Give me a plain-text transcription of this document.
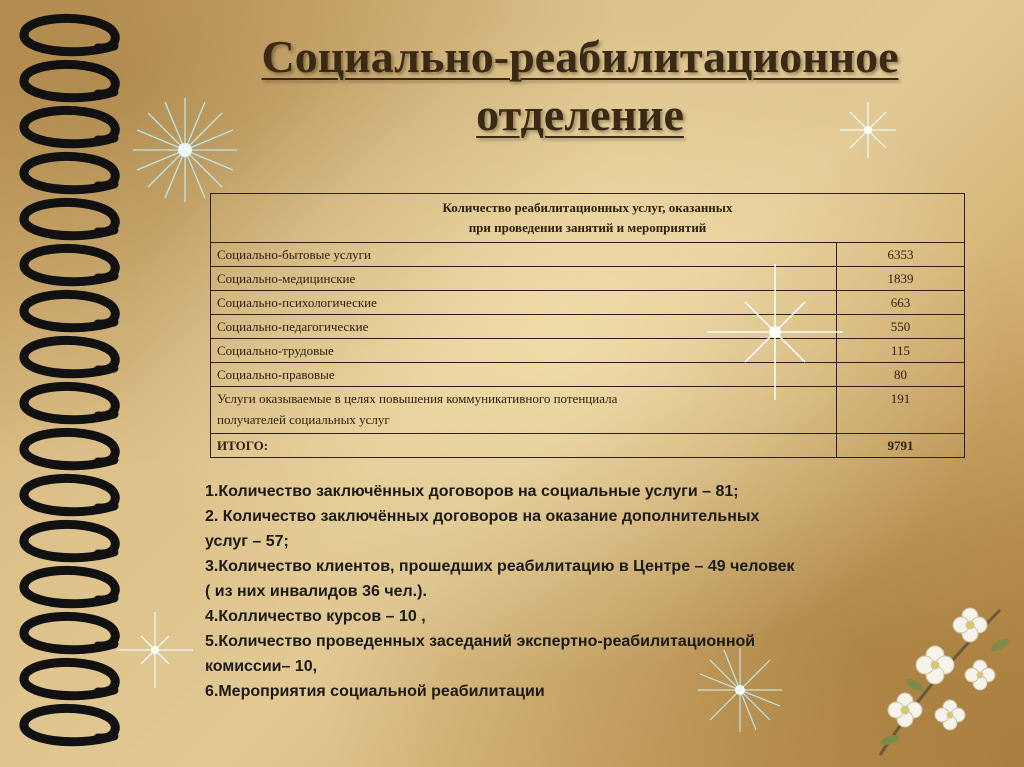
Социально-реабилитационное
отделение
Количество реабилитационных услуг, оказанных
при проведении занятий и мероприятий	

Социально-бытовые услуги	6353
Социально-медицинские	1839
Социально-психологические	663
Социально-педагогические	550
Социально-трудовые	115
Социально-правовые	80

Услуги оказываемые в целях повышения коммуникативного потенциала
получателей социальных услуг	191
ИТОГО:	9791
1.Количество заключённых договоров на социальные услуги – 81;
2. Количество заключённых договоров на оказание дополнительных
услуг – 57;
3.Количество клиентов, прошедших реабилитацию в Центре – 49 человек
( из них инвалидов 36 чел.).
4.Колличество курсов – 10 ,
5.Количество проведенных заседаний экспертно-реабилитационной
комиссии– 10,
6.Мероприятия социальной реабилитации
